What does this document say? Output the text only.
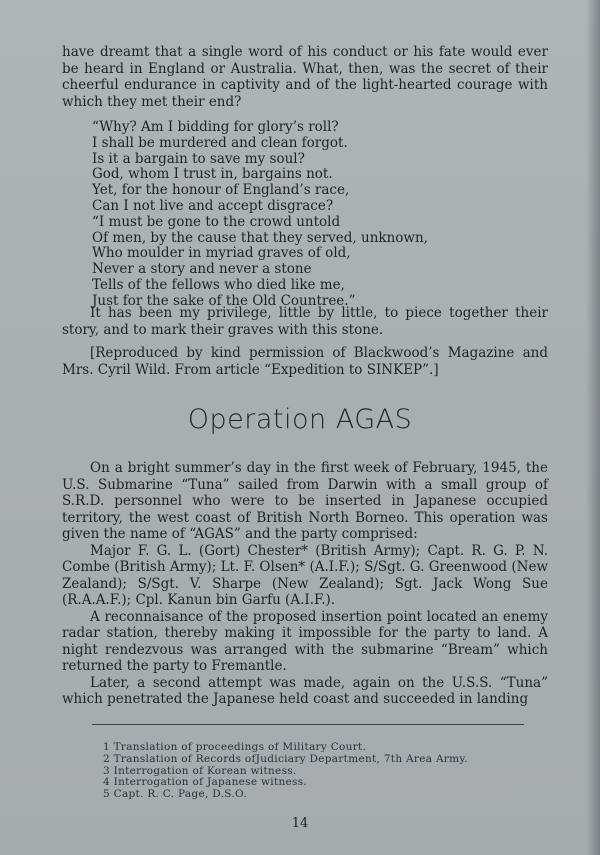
have dreamt that a single word of his conduct or his fate would ever be heard in England or Australia. What, then, was the secret of their cheerful endurance in captivity and of the light-hearted courage with which they met their end?

“Why? Am I bidding for glory’s roll?
I shall be murdered and clean forgot.
Is it a bargain to save my soul?
God, whom I trust in, bargains not.
Yet, for the honour of England’s race,
Can I not live and accept disgrace?
“I must be gone to the crowd untold
Of men, by the cause that they served, unknown,
Who moulder in myriad graves of old,
Never a story and never a stone
Tells of the fellows who died like me,
Just for the sake of the Old Countree.”

It has been my privilege, little by little, to piece together their story, and to mark their graves with this stone.

[Reproduced by kind permission of Blackwood’s Magazine and Mrs. Cyril Wild. From article “Expedition to SINKEP”.]

Operation AGAS

On a bright summer’s day in the first week of February, 1945, the U.S. Submarine “Tuna” sailed from Darwin with a small group of S.R.D. personnel who were to be inserted in Japanese occupied territory, the west coast of British North Borneo. This operation was given the name of “AGAS” and the party comprised:

Major F. G. L. (Gort) Chester* (British Army); Capt. R. G. P. N. Combe (British Army); Lt. F. Olsen* (A.I.F.); S/Sgt. G. Greenwood (New Zealand); S/Sgt. V. Sharpe (New Zealand); Sgt. Jack Wong Sue (R.A.A.F.); Cpl. Kanun bin Garfu (A.I.F.).

A reconnaisance of the proposed insertion point located an enemy radar station, thereby making it impossible for the party to land. A night rendezvous was arranged with the submarine “Bream” which returned the party to Fremantle.

Later, a second attempt was made, again on the U.S.S. “Tuna” which penetrated the Japanese held coast and succeeded in landing

1 Translation of proceedings of Military Court.
2 Translation of Records ofJudiciary Department, 7th Area Army.
3 Interrogation of Korean witness.
4 Interrogation of Japanese witness.
5 Capt. R. C. Page, D.S.O.
14
